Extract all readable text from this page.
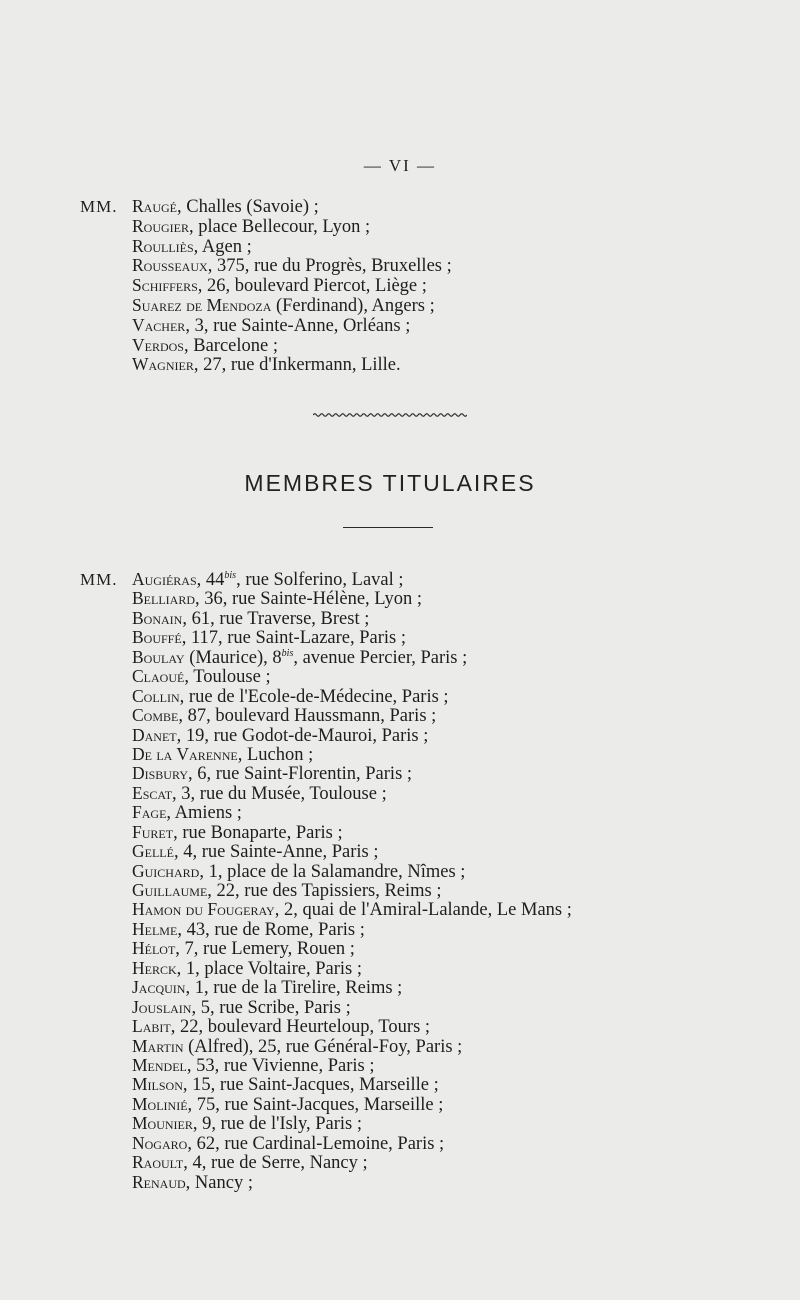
— VI —
MM. Raugé, Challes (Savoie) ;
Rougier, place Bellecour, Lyon ;
Roulliès, Agen ;
Rousseaux, 375, rue du Progrès, Bruxelles ;
Schiffers, 26, boulevard Piercot, Liège ;
Suarez de Mendoza (Ferdinand), Angers ;
Vacher, 3, rue Sainte-Anne, Orléans ;
Verdos, Barcelone ;
Wagnier, 27, rue d'Inkermann, Lille.
MEMBRES TITULAIRES
MM. Augiéras, $44^{bis}$, rue Solferino, Laval ;
Belliard, 36, rue Sainte-Hélène, Lyon ;
Bonain, 61, rue Traverse, Brest ;
Bouffé, 117, rue Saint-Lazare, Paris ;
Boulay (Maurice), $8^{bis}$, avenue Percier, Paris ;
Claoué, Toulouse ;
Collin, rue de l'Ecole-de-Médecine, Paris ;
Combe, 87, boulevard Haussmann, Paris ;
Danet, 19, rue Godot-de-Mauroi, Paris ;
De la Varenne, Luchon ;
Disbury, 6, rue Saint-Florentin, Paris ;
Escat, 3, rue du Musée, Toulouse ;
Fage, Amiens ;
Furet, rue Bonaparte, Paris ;
Gellé, 4, rue Sainte-Anne, Paris ;
Guichard, 1, place de la Salamandre, Nîmes ;
Guillaume, 22, rue des Tapissiers, Reims ;
Hamon du Fougeray, 2, quai de l'Amiral-Lalande, Le Mans ;
Helme, 43, rue de Rome, Paris ;
Hélot, 7, rue Lemery, Rouen ;
Herck, 1, place Voltaire, Paris ;
Jacquin, 1, rue de la Tirelire, Reims ;
Jouslain, 5, rue Scribe, Paris ;
Labit, 22, boulevard Heurteloup, Tours ;
Martin (Alfred), 25, rue Général-Foy, Paris ;
Mendel, 53, rue Vivienne, Paris ;
Milson, 15, rue Saint-Jacques, Marseille ;
Molinié, 75, rue Saint-Jacques, Marseille ;
Mounier, 9, rue de l'Isly, Paris ;
Nogaro, 62, rue Cardinal-Lemoine, Paris ;
Raoult, 4, rue de Serre, Nancy ;
Renaud, Nancy ;
